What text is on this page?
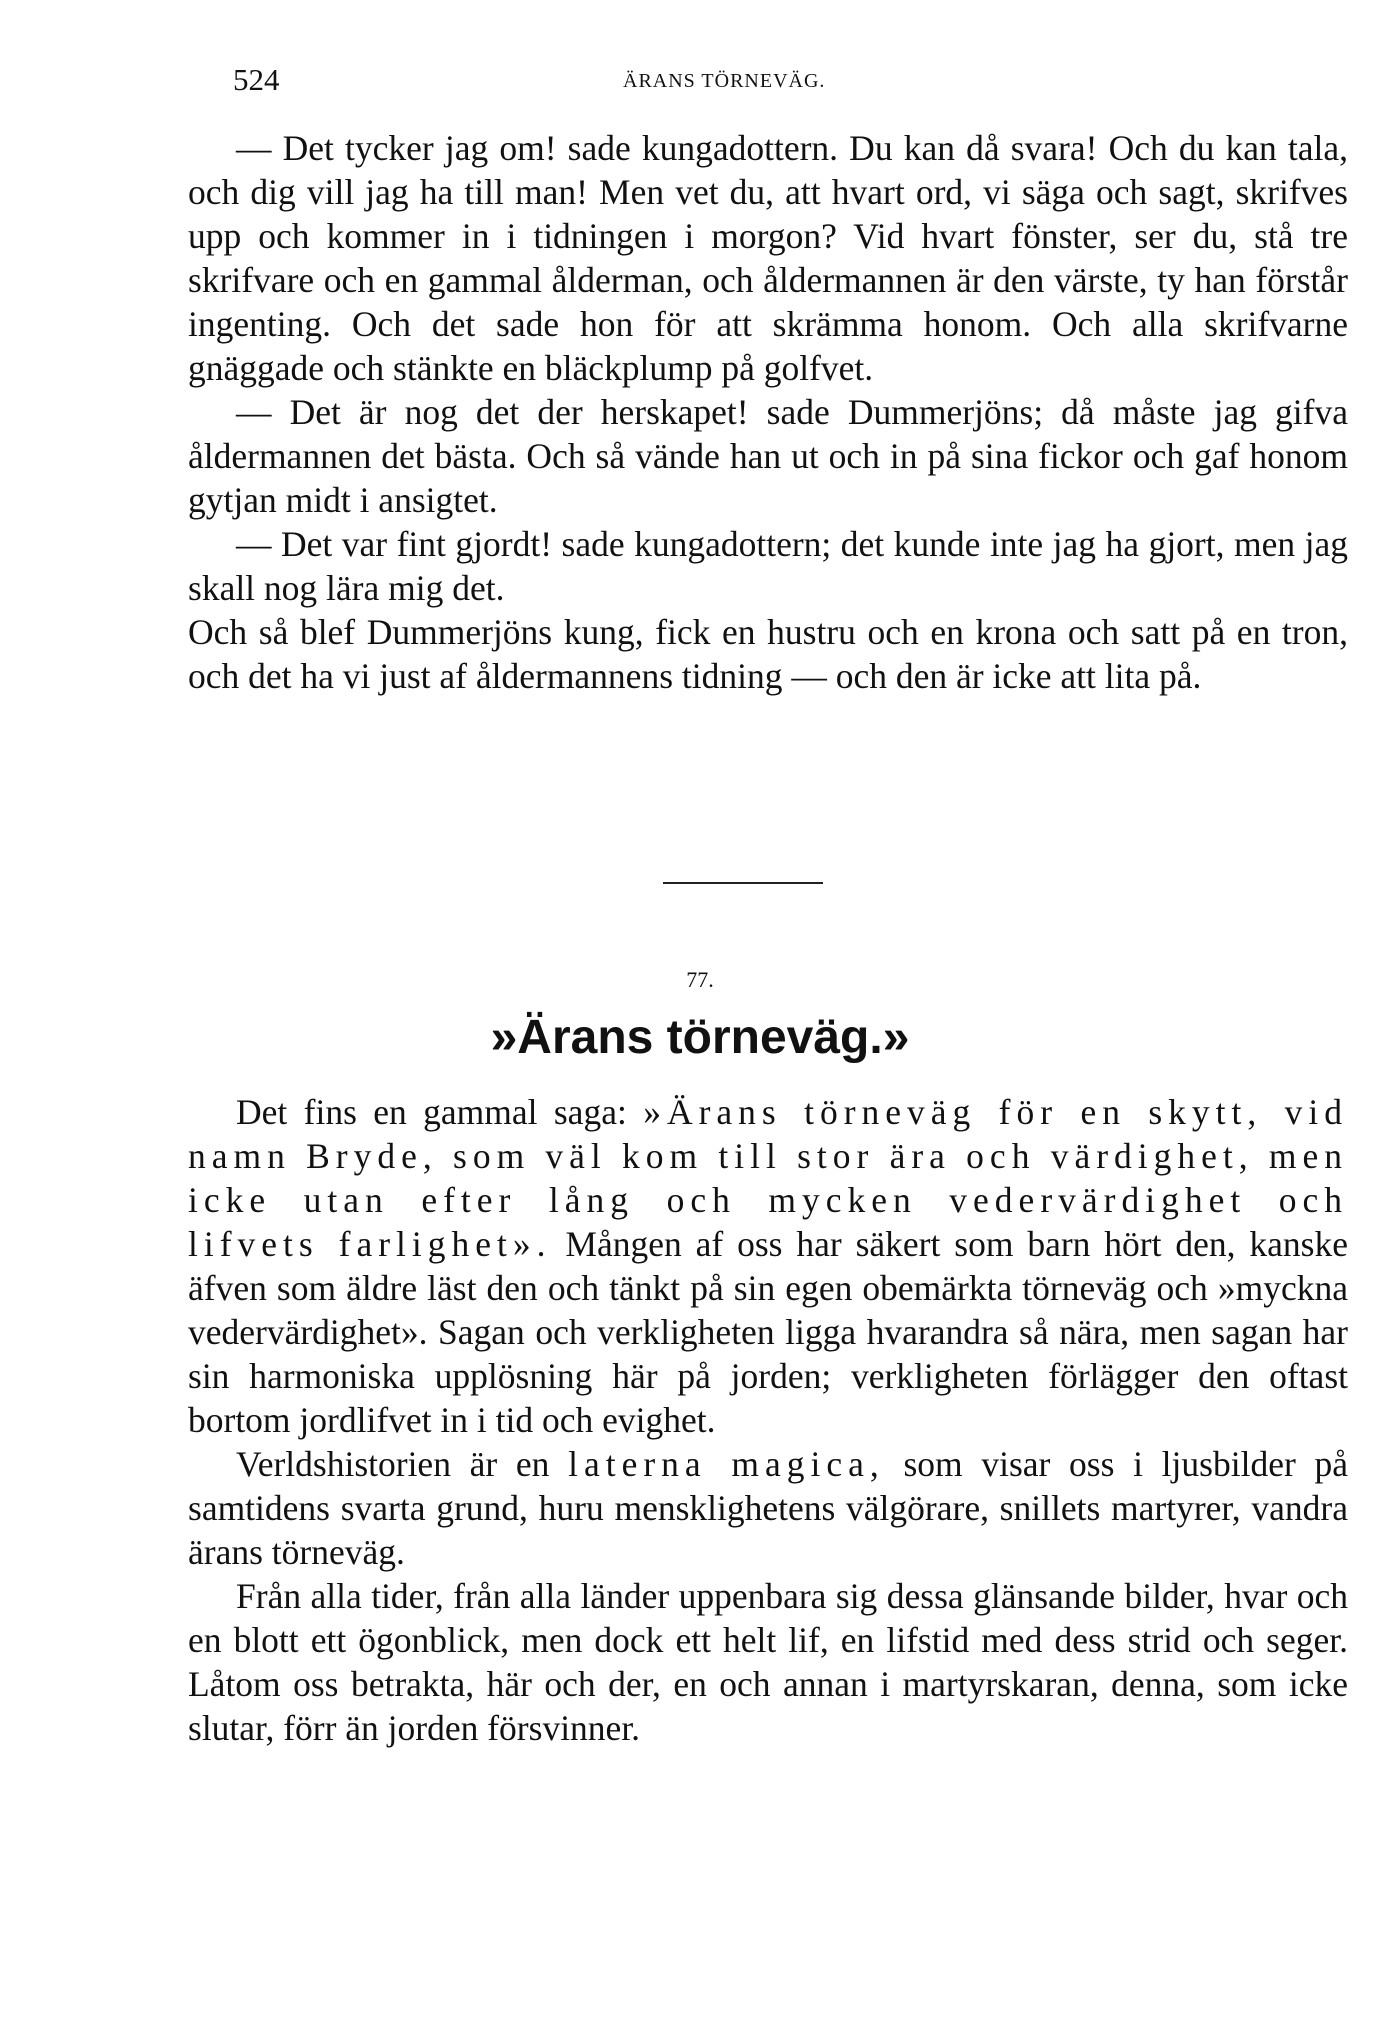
524	ÄRANS TÖRNEVÄG.

— Det tycker jag om! sade kungadottern. Du kan då svara! Och du kan tala, och dig vill jag ha till man! Men vet du, att hvart ord, vi säga och sagt, skrifves upp och kommer in i tidningen i morgon? Vid hvart fönster, ser du, stå tre skrifvare och en gammal ålderman, och åldermannen är den värste, ty han förstår ingenting. Och det sade hon för att skrämma honom. Och alla skrifvarne gnäggade och stänkte en bläckplump på golfvet.

— Det är nog det der herskapet! sade Dummerjöns; då måste jag gifva åldermannen det bästa. Och så vände han ut och in på sina fickor och gaf honom gytjan midt i ansigtet.

— Det var fint gjordt! sade kungadottern; det kunde inte jag ha gjort, men jag skall nog lära mig det.

Och så blef Dummerjöns kung, fick en hustru och en krona och satt på en tron, och det ha vi just af åldermannens tidning — och den är icke att lita på.

77.
»Ärans törneväg.»

Det fins en gammal saga: »Ärans törneväg för en skytt, vid namn Bryde, som väl kom till stor ära och värdighet, men icke utan efter lång och mycken vedervärdighet och lifvets farlighet». Mången af oss har säkert som barn hört den, kanske äfven som äldre läst den och tänkt på sin egen obemärkta törneväg och »myckna vedervärdighet». Sagan och verkligheten ligga hvarandra så nära, men sagan har sin harmoniska upplösning här på jorden; verkligheten förlägger den oftast bortom jordlifvet in i tid och evighet.

Verldshistorien är en laterna magica, som visar oss i ljusbilder på samtidens svarta grund, huru mensklighetens välgörare, snillets martyrer, vandra ärans törneväg.

Från alla tider, från alla länder uppenbara sig dessa glänsande bilder, hvar och en blott ett ögonblick, men dock ett helt lif, en lifstid med dess strid och seger. Låtom oss betrakta, här och der, en och annan i martyrskaran, denna, som icke slutar, förr än jorden försvinner.
